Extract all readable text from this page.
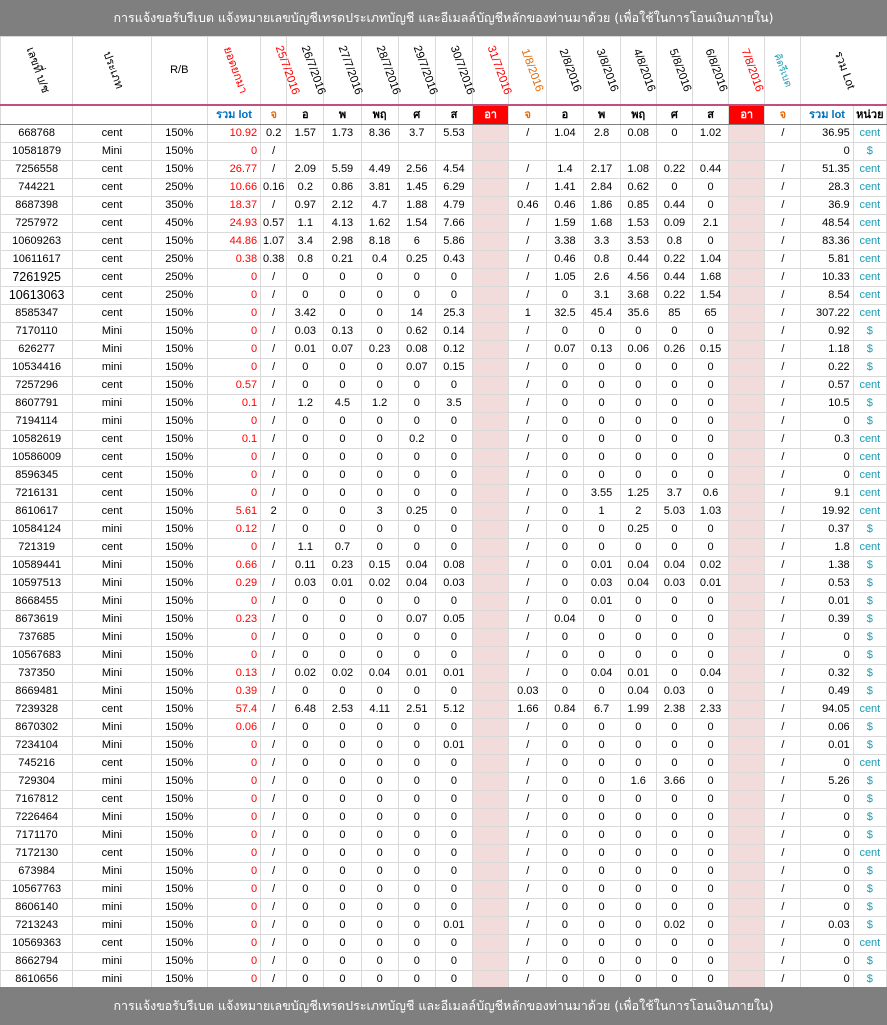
การแจ้งขอรับรีเบต แจ้งหมายเลขบัญชีเทรดประเภทบัญชี และอีเมลล์บัญชีหลักของท่านมาด้วย (เพื่อใช้ในการโอนเงินภายใน)
เลขที่ บ/ช	ประเภท	R/B	ยอดยกมา	25/7/2016	26/7/2016	27/7/2016	28/7/2016	29/7/2016	30/7/2016	31/7/2016	1/8/2016	2/8/2016	3/8/2016	4/8/2016	5/8/2016	6/8/2016	7/8/2016	คิดรีเบต	รวม Lot	
			รวม lot	จ	อ	พ	พฤ	ศ	ส	อา	จ	อ	พ	พฤ	ศ	ส	อา	จ	รวม lot	หน่วย
668768	cent	150%	10.92	0.2	1.57	1.73	8.36	3.7	5.53		/	1.04	2.8	0.08	0	1.02		/	36.95	cent
10581879	Mini	150%	0	/															0	$
7256558	cent	150%	26.77	/	2.09	5.59	4.49	2.56	4.54		/	1.4	2.17	1.08	0.22	0.44		/	51.35	cent
744221	cent	250%	10.66	0.16	0.2	0.86	3.81	1.45	6.29		/	1.41	2.84	0.62	0	0		/	28.3	cent
8687398	cent	350%	18.37	/	0.97	2.12	4.7	1.88	4.79		0.46	0.46	1.86	0.85	0.44	0		/	36.9	cent
7257972	cent	450%	24.93	0.57	1.1	4.13	1.62	1.54	7.66		/	1.59	1.68	1.53	0.09	2.1		/	48.54	cent
10609263	cent	150%	44.86	1.07	3.4	2.98	8.18	6	5.86		/	3.38	3.3	3.53	0.8	0		/	83.36	cent
10611617	cent	250%	0.38	0.38	0.8	0.21	0.4	0.25	0.43		/	0.46	0.8	0.44	0.22	1.04		/	5.81	cent
7261925	cent	250%	0	/	0	0	0	0	0		/	1.05	2.6	4.56	0.44	1.68		/	10.33	cent
10613063	cent	250%	0	/	0	0	0	0	0		/	0	3.1	3.68	0.22	1.54		/	8.54	cent
8585347	cent	150%	0	/	3.42	0	0	14	25.3		1	32.5	45.4	35.6	85	65		/	307.22	cent
7170110	Mini	150%	0	/	0.03	0.13	0	0.62	0.14		/	0	0	0	0	0		/	0.92	$
626277	Mini	150%	0	/	0.01	0.07	0.23	0.08	0.12		/	0.07	0.13	0.06	0.26	0.15		/	1.18	$
10534416	mini	150%	0	/	0	0	0	0.07	0.15		/	0	0	0	0	0		/	0.22	$
7257296	cent	150%	0.57	/	0	0	0	0	0		/	0	0	0	0	0		/	0.57	cent
8607791	mini	150%	0.1	/	1.2	4.5	1.2	0	3.5		/	0	0	0	0	0		/	10.5	$
7194114	mini	150%	0	/	0	0	0	0	0		/	0	0	0	0	0		/	0	$
10582619	cent	150%	0.1	/	0	0	0	0.2	0		/	0	0	0	0	0		/	0.3	cent
10586009	cent	150%	0	/	0	0	0	0	0		/	0	0	0	0	0		/	0	cent
8596345	cent	150%	0	/	0	0	0	0	0		/	0	0	0	0	0		/	0	cent
7216131	cent	150%	0	/	0	0	0	0	0		/	0	3.55	1.25	3.7	0.6		/	9.1	cent
8610617	cent	150%	5.61	2	0	0	3	0.25	0		/	0	1	2	5.03	1.03		/	19.92	cent
10584124	mini	150%	0.12	/	0	0	0	0	0		/	0	0	0.25	0	0		/	0.37	$
721319	cent	150%	0	/	1.1	0.7	0	0	0		/	0	0	0	0	0		/	1.8	cent
10589441	Mini	150%	0.66	/	0.11	0.23	0.15	0.04	0.08		/	0	0.01	0.04	0.04	0.02		/	1.38	$
10597513	Mini	150%	0.29	/	0.03	0.01	0.02	0.04	0.03		/	0	0.03	0.04	0.03	0.01		/	0.53	$
8668455	Mini	150%	0	/	0	0	0	0	0		/	0	0.01	0	0	0		/	0.01	$
8673619	Mini	150%	0.23	/	0	0	0	0.07	0.05		/	0.04	0	0	0	0		/	0.39	$
737685	Mini	150%	0	/	0	0	0	0	0		/	0	0	0	0	0		/	0	$
10567683	Mini	150%	0	/	0	0	0	0	0		/	0	0	0	0	0		/	0	$
737350	Mini	150%	0.13	/	0.02	0.02	0.04	0.01	0.01		/	0	0.04	0.01	0	0.04		/	0.32	$
8669481	Mini	150%	0.39	/	0	0	0	0	0		0.03	0	0	0.04	0.03	0		/	0.49	$
7239328	cent	150%	57.4	/	6.48	2.53	4.11	2.51	5.12		1.66	0.84	6.7	1.99	2.38	2.33		/	94.05	cent
8670302	Mini	150%	0.06	/	0	0	0	0	0		/	0	0	0	0	0		/	0.06	$
7234104	Mini	150%	0	/	0	0	0	0	0.01		/	0	0	0	0	0		/	0.01	$
745216	cent	150%	0	/	0	0	0	0	0		/	0	0	0	0	0		/	0	cent
729304	mini	150%	0	/	0	0	0	0	0		/	0	0	1.6	3.66	0		/	5.26	$
7167812	cent	150%	0	/	0	0	0	0	0		/	0	0	0	0	0		/	0	$
7226464	Mini	150%	0	/	0	0	0	0	0		/	0	0	0	0	0		/	0	$
7171170	Mini	150%	0	/	0	0	0	0	0		/	0	0	0	0	0		/	0	$
7172130	cent	150%	0	/	0	0	0	0	0		/	0	0	0	0	0		/	0	cent
673984	Mini	150%	0	/	0	0	0	0	0		/	0	0	0	0	0		/	0	$
10567763	mini	150%	0	/	0	0	0	0	0		/	0	0	0	0	0		/	0	$
8606140	mini	150%	0	/	0	0	0	0	0		/	0	0	0	0	0		/	0	$
7213243	mini	150%	0	/	0	0	0	0	0.01		/	0	0	0	0.02	0		/	0.03	$
10569363	cent	150%	0	/	0	0	0	0	0		/	0	0	0	0	0		/	0	cent
8662794	mini	150%	0	/	0	0	0	0	0		/	0	0	0	0	0		/	0	$
8610656	mini	150%	0	/	0	0	0	0	0		/	0	0	0	0	0		/	0	$
การแจ้งขอรับรีเบต แจ้งหมายเลขบัญชีเทรดประเภทบัญชี และอีเมลล์บัญชีหลักของท่านมาด้วย (เพื่อใช้ในการโอนเงินภายใน)
